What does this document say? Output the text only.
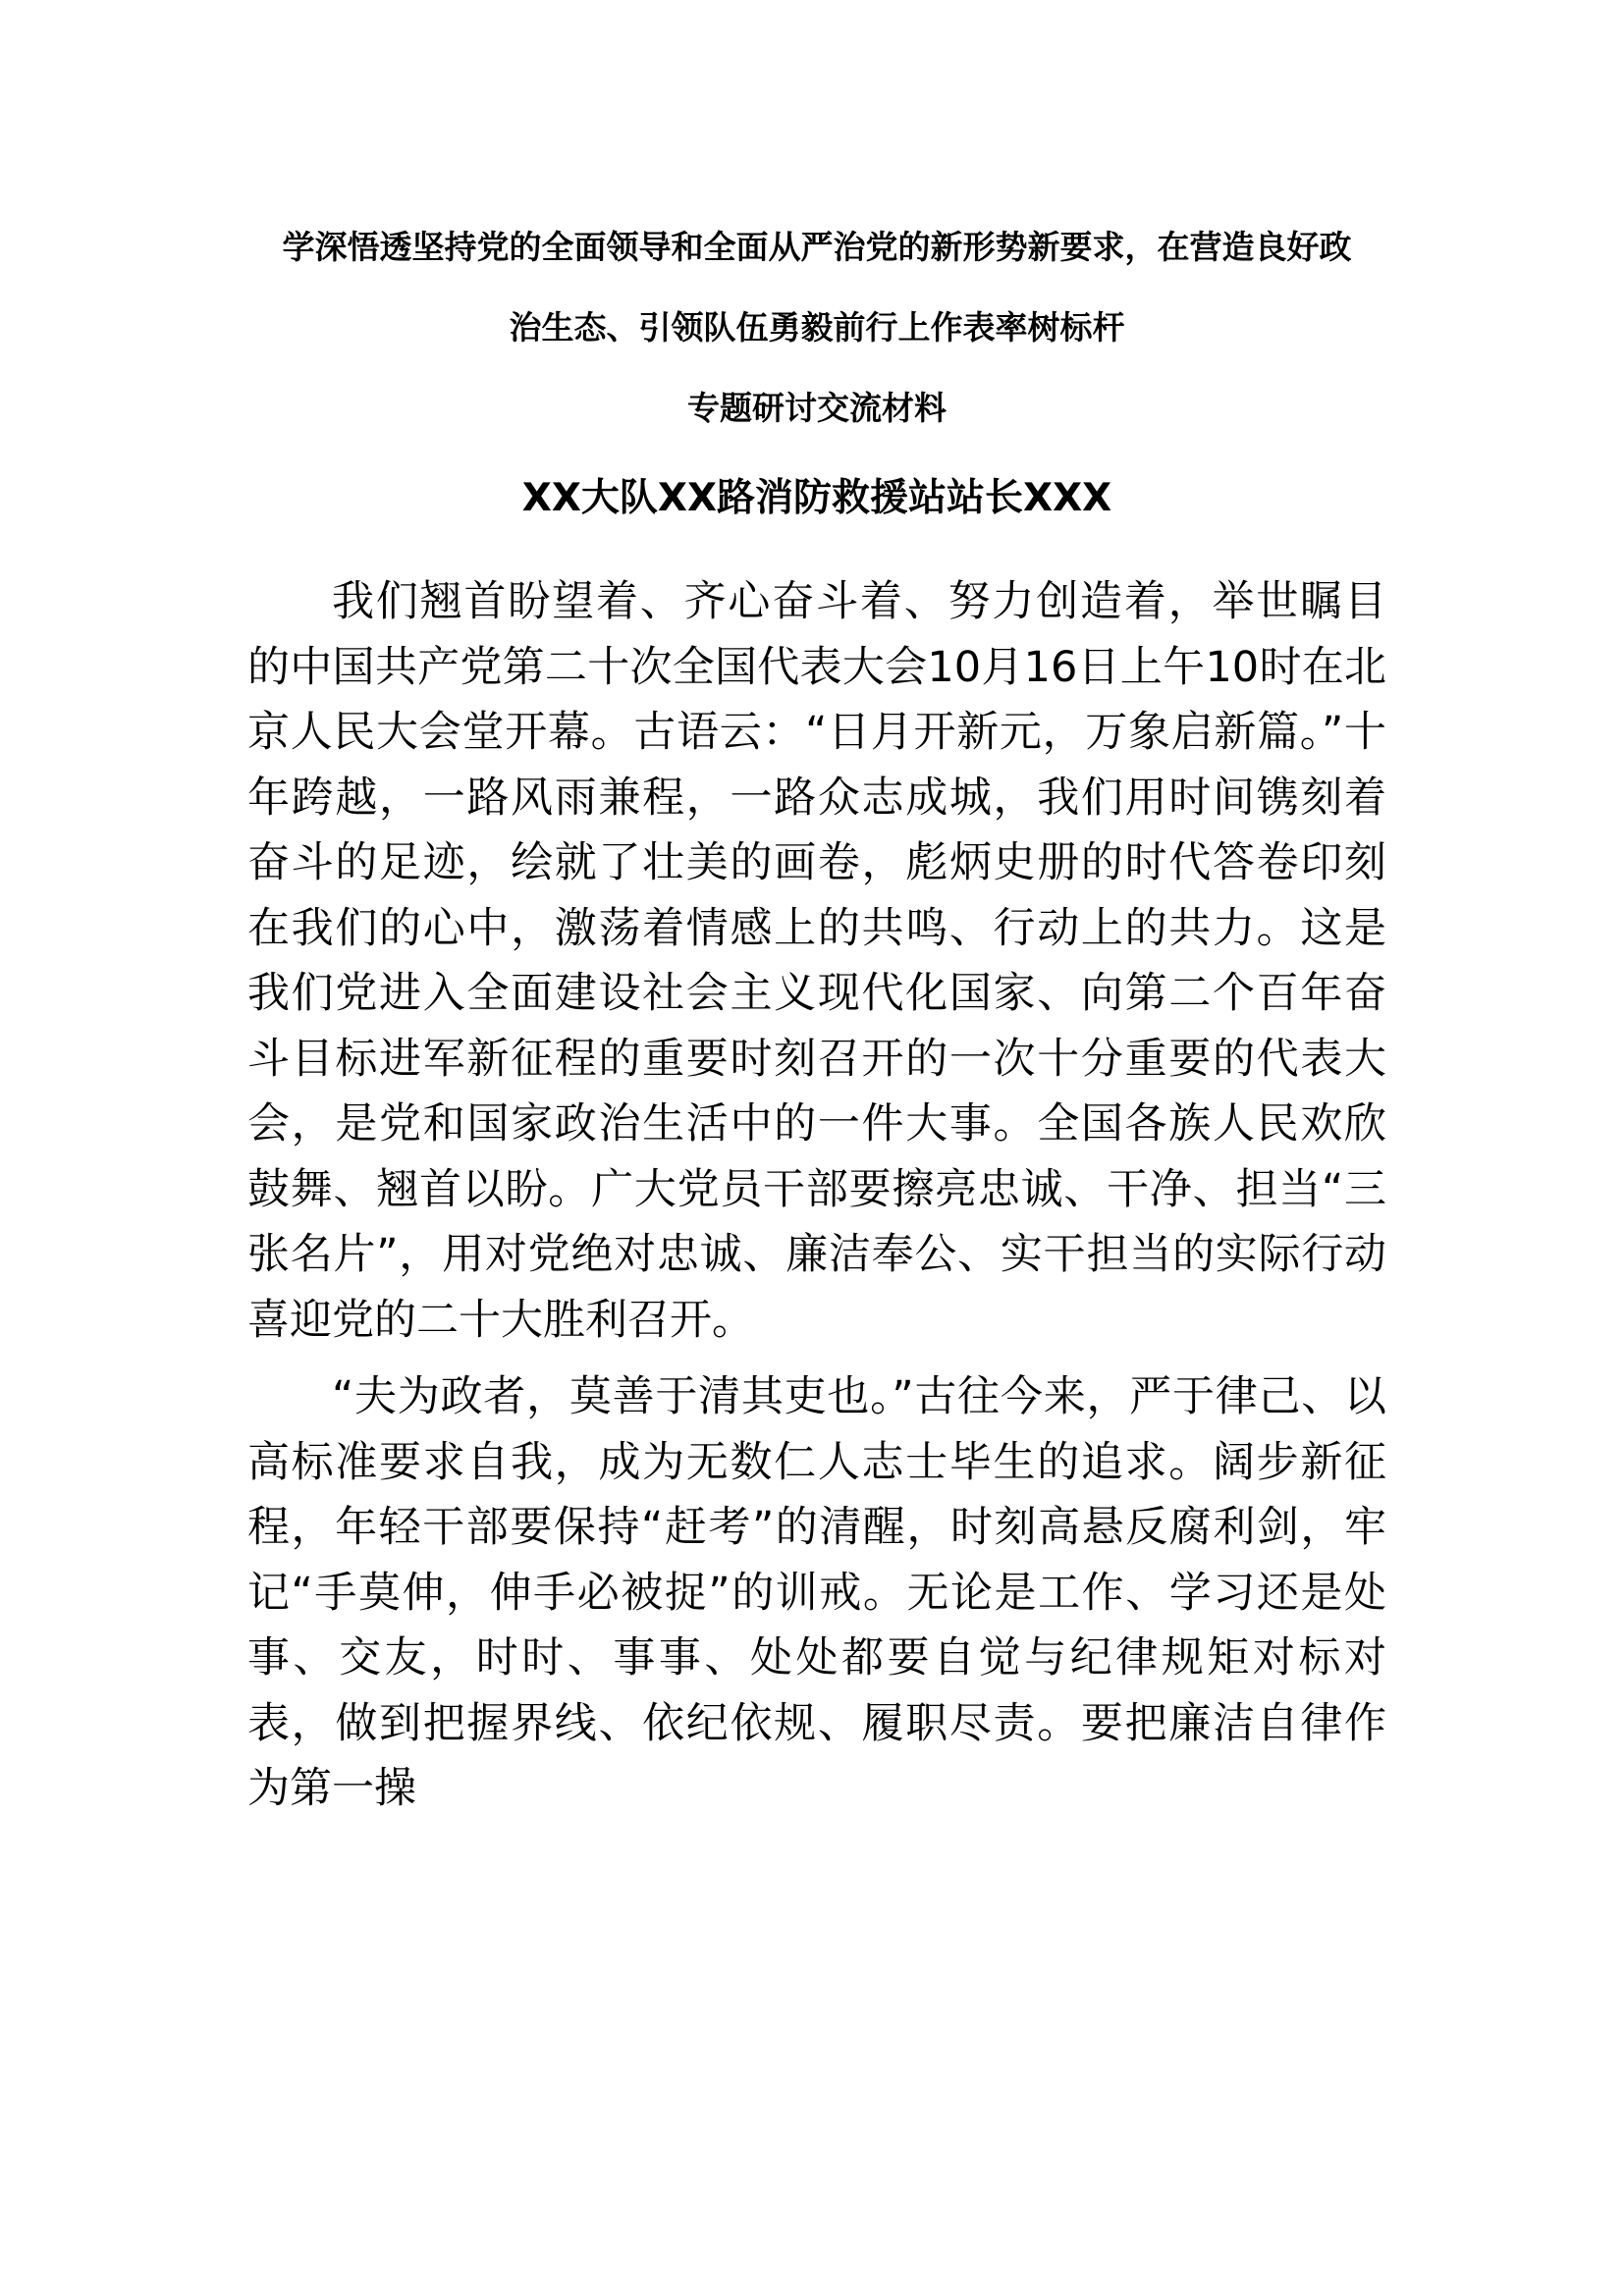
学深悟透坚持党的全面领导和全面从严治党的新形势新要求，在营造良好政

治生态、引领队伍勇毅前行上作表率树标杆

专题研讨交流材料

XX大队XX路消防救援站站长XXX

我们翘首盼望着、齐心奋斗着、努力创造着，举世瞩目的中国共产党第二十次全国代表大会10月16日上午10时在北京人民大会堂开幕。古语云：“日月开新元，万象启新篇。”十年跨越，一路风雨兼程，一路众志成城，我们用时间镌刻着奋斗的足迹，绘就了壮美的画卷，彪炳史册的时代答卷印刻在我们的心中，激荡着情感上的共鸣、行动上的共力。这是我们党进入全面建设社会主义现代化国家、向第二个百年奋斗目标进军新征程的重要时刻召开的一次十分重要的代表大会，是党和国家政治生活中的一件大事。全国各族人民欢欣鼓舞、翘首以盼。广大党员干部要擦亮忠诚、干净、担当“三张名片”，用对党绝对忠诚、廉洁奉公、实干担当的实际行动喜迎党的二十大胜利召开。

“夫为政者，莫善于清其吏也。”古往今来，严于律己、以高标准要求自我，成为无数仁人志士毕生的追求。阔步新征程，年轻干部要保持“赶考”的清醒，时刻高悬反腐利剑，牢记“手莫伸，伸手必被捉”的训戒。无论是工作、学习还是处事、交友，时时、事事、处处都要自觉与纪律规矩对标对表，做到把握界线、依纪依规、履职尽责。要把廉洁自律作为第一操
